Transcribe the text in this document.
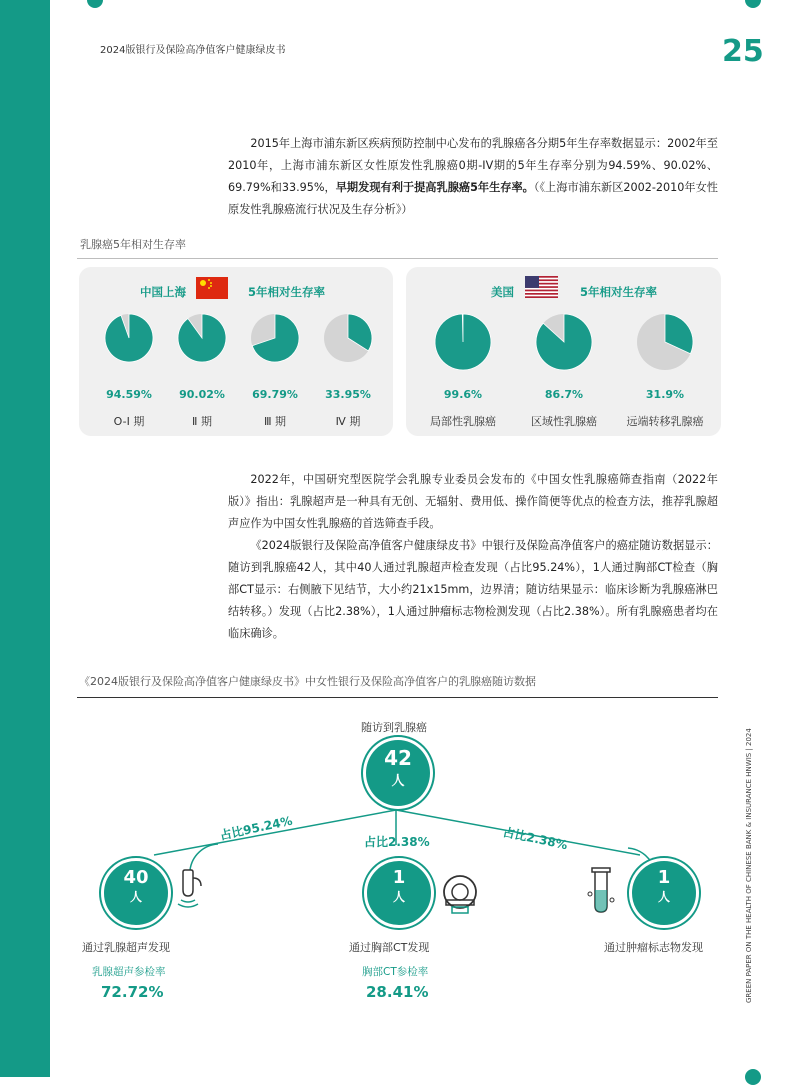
2024版银行及保险高净值客户健康绿皮书	25

2015年上海市浦东新区疾病预防控制中心发布的乳腺癌各分期5年生存率数据显示：2002年至2010年，上海市浦东新区女性原发性乳腺癌0期-IV期的5年生存率分别为94.59%、90.02%、69.79%和33.95%，早期发现有利于提高乳腺癌5年生存率。（《上海市浦东新区2002-2010年女性原发性乳腺癌流行状况及生存分析》）

乳腺癌5年相对生存率
中国上海	5年相对生存率	美国	5年相对生存率
94.59%	90.02%	69.79%	33.95%
O-I 期	Ⅱ 期	Ⅲ 期	Ⅳ 期
99.6%	86.7%	31.9%
局部性乳腺癌	区域性乳腺癌	远端转移乳腺癌

2022年，中国研究型医院学会乳腺专业委员会发布的《中国女性乳腺癌筛查指南（2022年版）》指出：乳腺超声是一种具有无创、无辐射、费用低、操作简便等优点的检查方法，推荐乳腺超声应作为中国女性乳腺癌的首选筛查手段。

《2024版银行及保险高净值客户健康绿皮书》中银行及保险高净值客户的癌症随访数据显示：随访到乳腺癌42人，其中40人通过乳腺超声检查发现（占比95.24%），1人通过胸部CT检查（胸部CT显示：右侧腋下见结节，大小约21x15mm，边界清；随访结果显示：临床诊断为乳腺癌淋巴结转移。）发现（占比2.38%），1人通过肿瘤标志物检测发现（占比2.38%）。所有乳腺癌患者均在临床确诊。

《2024版银行及保险高净值客户健康绿皮书》中女性银行及保险高净值客户的乳腺癌随访数据
随访到乳腺癌
42
人
占比95.24%	占比2.38%	占比2.38%
40
人
通过乳腺超声发现
乳腺超声参检率
72.72%
1
人
通过胸部CT发现
胸部CT参检率
28.41%
1
人
通过肿瘤标志物发现	GREEN PAPER ON THE HEALTH OF CHINESE BANK & INSURANCE HNWIS | 2024
